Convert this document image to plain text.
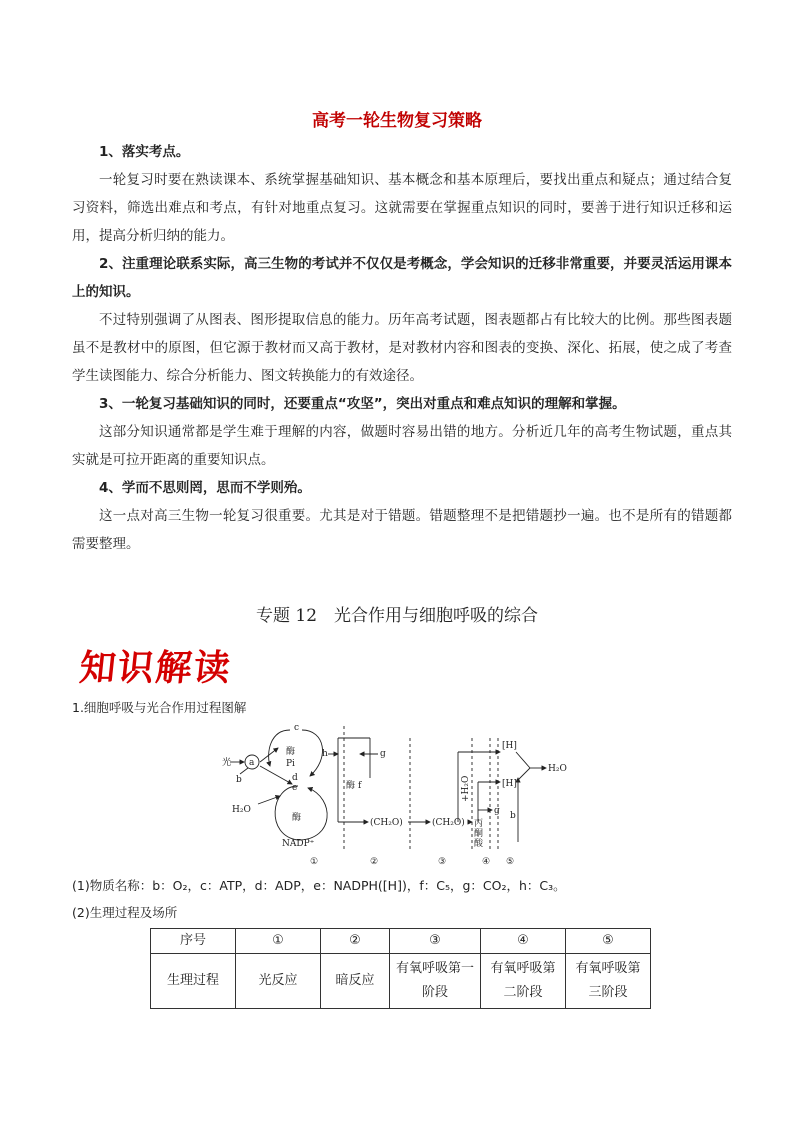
高考一轮生物复习策略

1、落实考点。

一轮复习时要在熟读课本、系统掌握基础知识、基本概念和基本原理后，要找出重点和疑点；通过结合复习资料，筛选出难点和考点，有针对地重点复习。这就需要在掌握重点知识的同时，要善于进行知识迁移和运用，提高分析归纳的能力。

2、注重理论联系实际，高三生物的考试并不仅仅是考概念，学会知识的迁移非常重要，并要灵活运用课本上的知识。

不过特别强调了从图表、图形提取信息的能力。历年高考试题，图表题都占有比较大的比例。那些图表题虽不是教材中的原图，但它源于教材而又高于教材，是对教材内容和图表的变换、深化、拓展，使之成了考查学生读图能力、综合分析能力、图文转换能力的有效途径。

3、一轮复习基础知识的同时，还要重点“攻坚”，突出对重点和难点知识的理解和掌握。

这部分知识通常都是学生难于理解的内容，做题时容易出错的地方。分析近几年的高考生物试题，重点其实就是可拉开距离的重要知识点。

4、学而不思则罔，思而不学则殆。

这一点对高三生物一轮复习很重要。尤其是对于错题。错题整理不是把错题抄一遍。也不是所有的错题都需要整理。

专题 12　光合作用与细胞呼吸的综合
知识解读
1.细胞呼吸与光合作用过程图解
光 a
b
c
酶
Pi
d
e
H₂O
酶
NADP⁺
h
酶 f
g
(CH₂O)	(CH₂O)
+H₂O
丙
酮
酸
[H]
[H]
H₂O
g b
①	②	③	④ ⑤
(1)物质名称：b：O₂，c：ATP，d：ADP，e：NADPH([H])，f：C₅，g：CO₂，h：C₃。
(2)生理过程及场所
序号	①	②	③	④	⑤
生理过程	光反应	暗反应	有氧呼吸第一阶段	有氧呼吸第二阶段	有氧呼吸第三阶段
